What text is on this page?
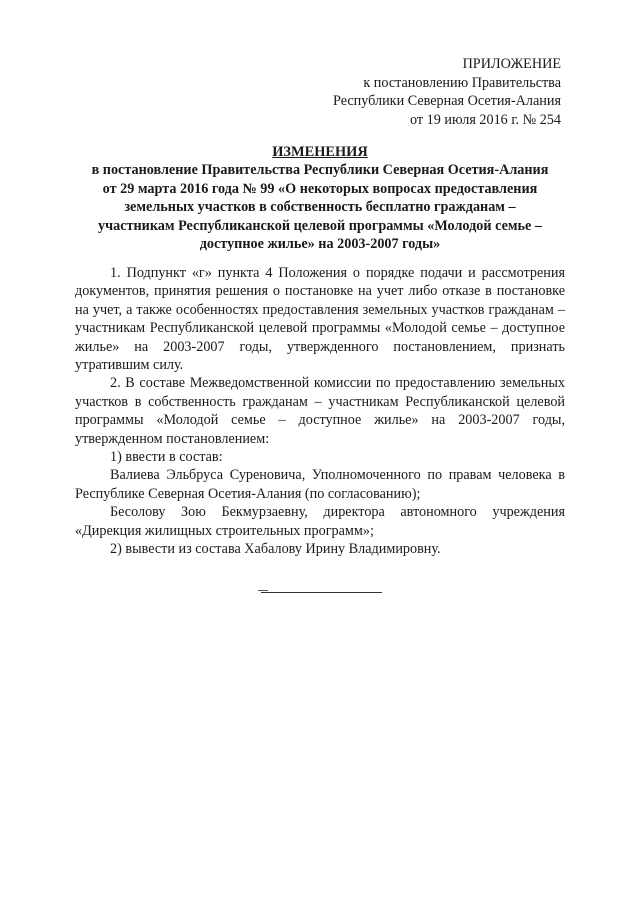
ПРИЛОЖЕНИЕ
к постановлению Правительства
Республики Северная Осетия-Алания
от 19 июля 2016 г. № 254
ИЗМЕНЕНИЯ
в постановление Правительства Республики Северная Осетия-Алания
от 29 марта 2016 года № 99 «О некоторых вопросах предоставления
земельных участков в собственность бесплатно гражданам –
участникам Республиканской целевой программы «Молодой семье –
доступное жилье» на 2003-2007 годы»

1. Подпункт «г» пункта 4 Положения о порядке подачи и рассмотрения документов, принятия решения о постановке на учет либо отказе в постановке на учет, а также особенностях предоставления земельных участков гражданам – участникам Республиканской целевой программы «Молодой семье – доступное жилье» на 2003-2007 годы, утвержденного постановлением, признать утратившим силу.

2. В составе Межведомственной комиссии по предоставлению земельных участков в собственность гражданам – участникам Республиканской целевой программы «Молодой семье – доступное жилье» на 2003-2007 годы, утвержденном постановлением:

1) ввести в состав:

Валиева Эльбруса Суреновича, Уполномоченного по правам человека в Республике Северная Осетия-Алания (по согласованию);

Бесолову Зою Бекмурзаевну, директора автономного учреждения «Дирекция жилищных строительных программ»;

2) вывести из состава Хабалову Ирину Владимировну.
